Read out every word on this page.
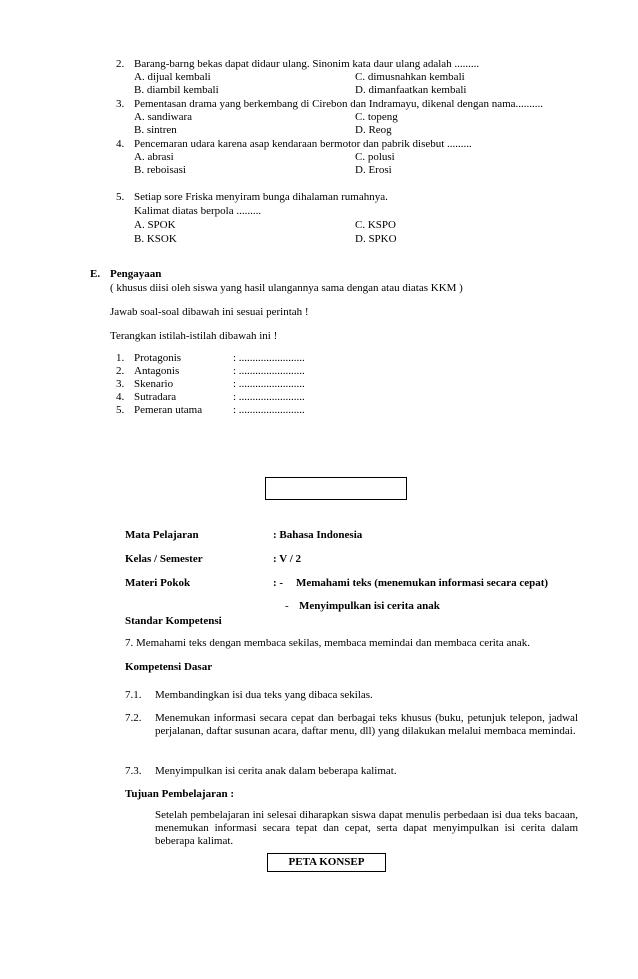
2. Barang-barng bekas dapat didaur ulang. Sinonim kata daur ulang adalah .........
A. dijual kembali	C. dimusnahkan kembali
B. diambil kembali	D. dimanfaatkan kembali
3. Pementasan drama yang berkembang di Cirebon dan Indramayu, dikenal dengan nama..........
A. sandiwara	C. topeng
B. sintren	D. Reog
4. Pencemaran udara karena asap kendaraan bermotor dan pabrik disebut .........
A. abrasi	C. polusi
B. reboisasi	D. Erosi
5. Setiap sore Friska menyiram bunga dihalaman rumahnya.
Kalimat diatas berpola .........
A. SPOK	C. KSPO
B. KSOK	D. SPKO
E. Pengayaan
( khusus diisi oleh siswa yang hasil ulangannya sama dengan atau diatas KKM )
Jawab soal-soal dibawah ini sesuai perintah !
Terangkan istilah-istilah dibawah ini !
1. Protagonis	: ........................
2. Antagonis	: ........................
3. Skenario	: ........................
4. Sutradara	: ........................
5. Pemeran utama	: ........................
Mata Pelajaran	: Bahasa Indonesia
Kelas / Semester	: V / 2
Materi Pokok	: - Memahami teks (menemukan informasi secara cepat)
- Menyimpulkan isi cerita anak
Standar Kompetensi
7. Memahami teks dengan membaca sekilas, membaca memindai dan membaca cerita anak.
Kompetensi Dasar
7.1. Membandingkan isi dua teks yang dibaca sekilas.
7.2. Menemukan informasi secara cepat dan berbagai teks khusus (buku, petunjuk telepon, jadwal perjalanan, daftar susunan acara, daftar menu, dll) yang dilakukan melalui membaca memindai.
7.3. Menyimpulkan isi cerita anak dalam beberapa kalimat.
Tujuan Pembelajaran :
Setelah pembelajaran ini selesai diharapkan siswa dapat menulis perbedaan isi dua teks bacaan, menemukan informasi secara tepat dan cepat, serta dapat menyimpulkan isi cerita dalam beberapa kalimat.
PETA KONSEP
